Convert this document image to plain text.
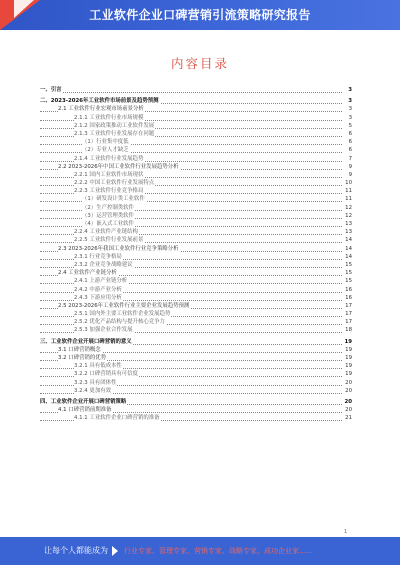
工业软件企业口碑营销引流策略研究报告
内容目录
一、引言	3
二、2023-2026年工业软件市场前景及趋势预测	3
2.1 工业软件行业宏观市场前景分析	3
2.1.1 工业软件行业市场规模	3
2.1.2 国家政策推动工业软件发展	5
2.1.3 工业软件行业发展存在问题	6
（1）行业集中度低	6
（2）专业人才缺乏	6
2.1.4 工业软件行业发展趋势	7
2.2 2023-2026年中国工业软件行业发展趋势分析	9
2.2.1 国内工业软件市场现状	9
2.2.2 中国工业软件行业发展特点	10
2.2.3 工业软件行业竞争格局	11
（1）研发设计类工业软件	11
（2）生产控制类软件	12
（3）运营管理类软件	12
（4）嵌入式工业软件	13
2.2.4 工业软件产业链结构	13
2.2.5 工业软件行业发展前景	14
2.3 2023-2026年我国工业软件行业竞争策略分析	14
2.3.1 行业竞争格局	14
2.3.2 企业竞争战略建议	15
2.4 工业软件产业链分析	15
2.4.1 上游产业链分析	15
2.4.2 中游产业分析	16
2.4.3 下游应用分析	16
2.5 2023-2026年工业软件行业主要企业发展趋势预测	17
2.5.1 国内外主要工业软件企业发展趋势	17
2.5.2 优化产品结构与提升核心竞争力	17
2.5.3 加强企业合作发展	18
三、工业软件企业开展口碑营销的意义	19
3.1 口碑营销概念	19
3.2 口碑营销的优势	19
3.2.1 具有低成本性	19
3.2.2 口碑营销具有可信度	19
3.2.3 具有团体性	20
3.2.4 更加有效	20
四、工业软件企业开展口碑营销策略	20
4.1 口碑营销前期准备	20
4.1.1 工业软件企业口碑营销的准备	21
1
让每个人都能成为 行业专家、管理专家、营销专家、战略专家、成功企业家……
